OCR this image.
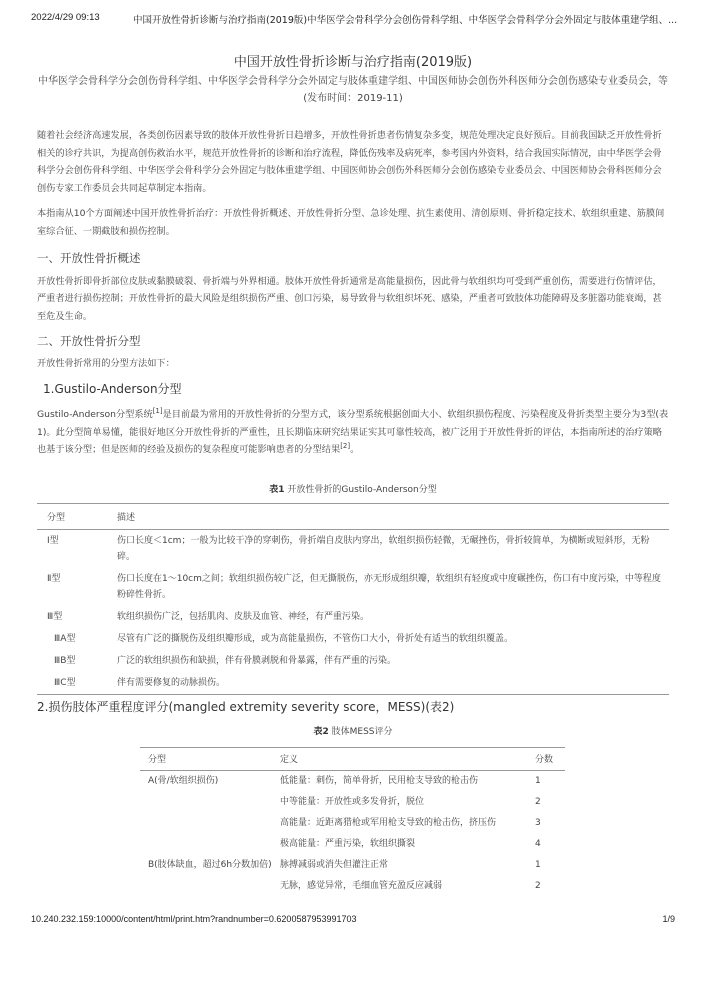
2022/4/29 09:13	中国开放性骨折诊断与治疗指南(2019版)中华医学会骨科学分会创伤骨科学组、中华医学会骨科学分会外固定与肢体重建学组、...
中国开放性骨折诊断与治疗指南(2019版)
中华医学会骨科学分会创伤骨科学组、中华医学会骨科学分会外固定与肢体重建学组、中国医师协会创伤外科医师分会创伤感染专业委员会，等(发布时间：2019-11)
随着社会经济高速发展，各类创伤因素导致的肢体开放性骨折日趋增多，开放性骨折患者伤情复杂多变，规范处理决定良好预后。目前我国缺乏开放性骨折相关的诊疗共识，为提高创伤救治水平，规范开放性骨折的诊断和治疗流程，降低伤残率及病死率，参考国内外资料，结合我国实际情况，由中华医学会骨科学分会创伤骨科学组、中华医学会骨科学分会外固定与肢体重建学组、中国医师协会创伤外科医师分会创伤感染专业委员会、中国医师协会骨科医师分会创伤专家工作委员会共同起草制定本指南。
本指南从10个方面阐述中国开放性骨折治疗：开放性骨折概述、开放性骨折分型、急诊处理、抗生素使用、清创原则、骨折稳定技术、软组织重建、筋膜间室综合征、一期截肢和损伤控制。
一、开放性骨折概述
开放性骨折即骨折部位皮肤或黏膜破裂、骨折端与外界相通。肢体开放性骨折通常是高能量损伤，因此骨与软组织均可受到严重创伤，需要进行伤情评估，严重者进行损伤控制；开放性骨折的最大风险是组织损伤严重、创口污染，易导致骨与软组织坏死、感染，严重者可致肢体功能障碍及多脏器功能衰竭，甚至危及生命。
二、开放性骨折分型
开放性骨折常用的分型方法如下：
1.Gustilo-Anderson分型
Gustilo-Anderson分型系统[1]是目前最为常用的开放性骨折的分型方式，该分型系统根据创面大小、软组织损伤程度、污染程度及骨折类型主要分为3型(表1)。此分型简单易懂，能很好地区分开放性骨折的严重性，且长期临床研究结果证实其可靠性较高，被广泛用于开放性骨折的评估，本指南所述的治疗策略也基于该分型；但是医师的经验及损伤的复杂程度可能影响患者的分型结果[2]。
表1 开放性骨折的Gustilo-Anderson分型
分型	描述
Ⅰ型	伤口长度＜1cm；一般为比较干净的穿刺伤，骨折端自皮肤内穿出，软组织损伤轻微，无碾挫伤，骨折较简单，为横断或短斜形，无粉碎。
Ⅱ型	伤口长度在1～10cm之间；软组织损伤较广泛，但无撕脱伤，亦无形成组织瓣，软组织有轻度或中度碾挫伤，伤口有中度污染，中等程度粉碎性骨折。
Ⅲ型	软组织损伤广泛，包括肌肉、皮肤及血管、神经，有严重污染。
ⅢA型	尽管有广泛的撕脱伤及组织瓣形成，或为高能量损伤，不管伤口大小，骨折处有适当的软组织覆盖。
ⅢB型	广泛的软组织损伤和缺损，伴有骨膜剥脱和骨暴露，伴有严重的污染。
ⅢC型	伴有需要修复的动脉损伤。
2.损伤肢体严重程度评分(mangled extremity severity score，MESS)(表2)
表2 肢体MESS评分
分型	定义	分数
A(骨/软组织损伤)	低能量：刺伤，简单骨折，民用枪支导致的枪击伤	1
	中等能量：开放性或多发骨折，脱位	2
	高能量：近距离猎枪或军用枪支导致的枪击伤，挤压伤	3
	极高能量：严重污染，软组织撕裂	4
B(肢体缺血，超过6h分数加倍)	脉搏减弱或消失但灌注正常	1
	无脉，感觉异常，毛细血管充盈反应减弱	2
10.240.232.159:10000/content/html/print.htm?randnumber=0.6200587953991703	1/9
